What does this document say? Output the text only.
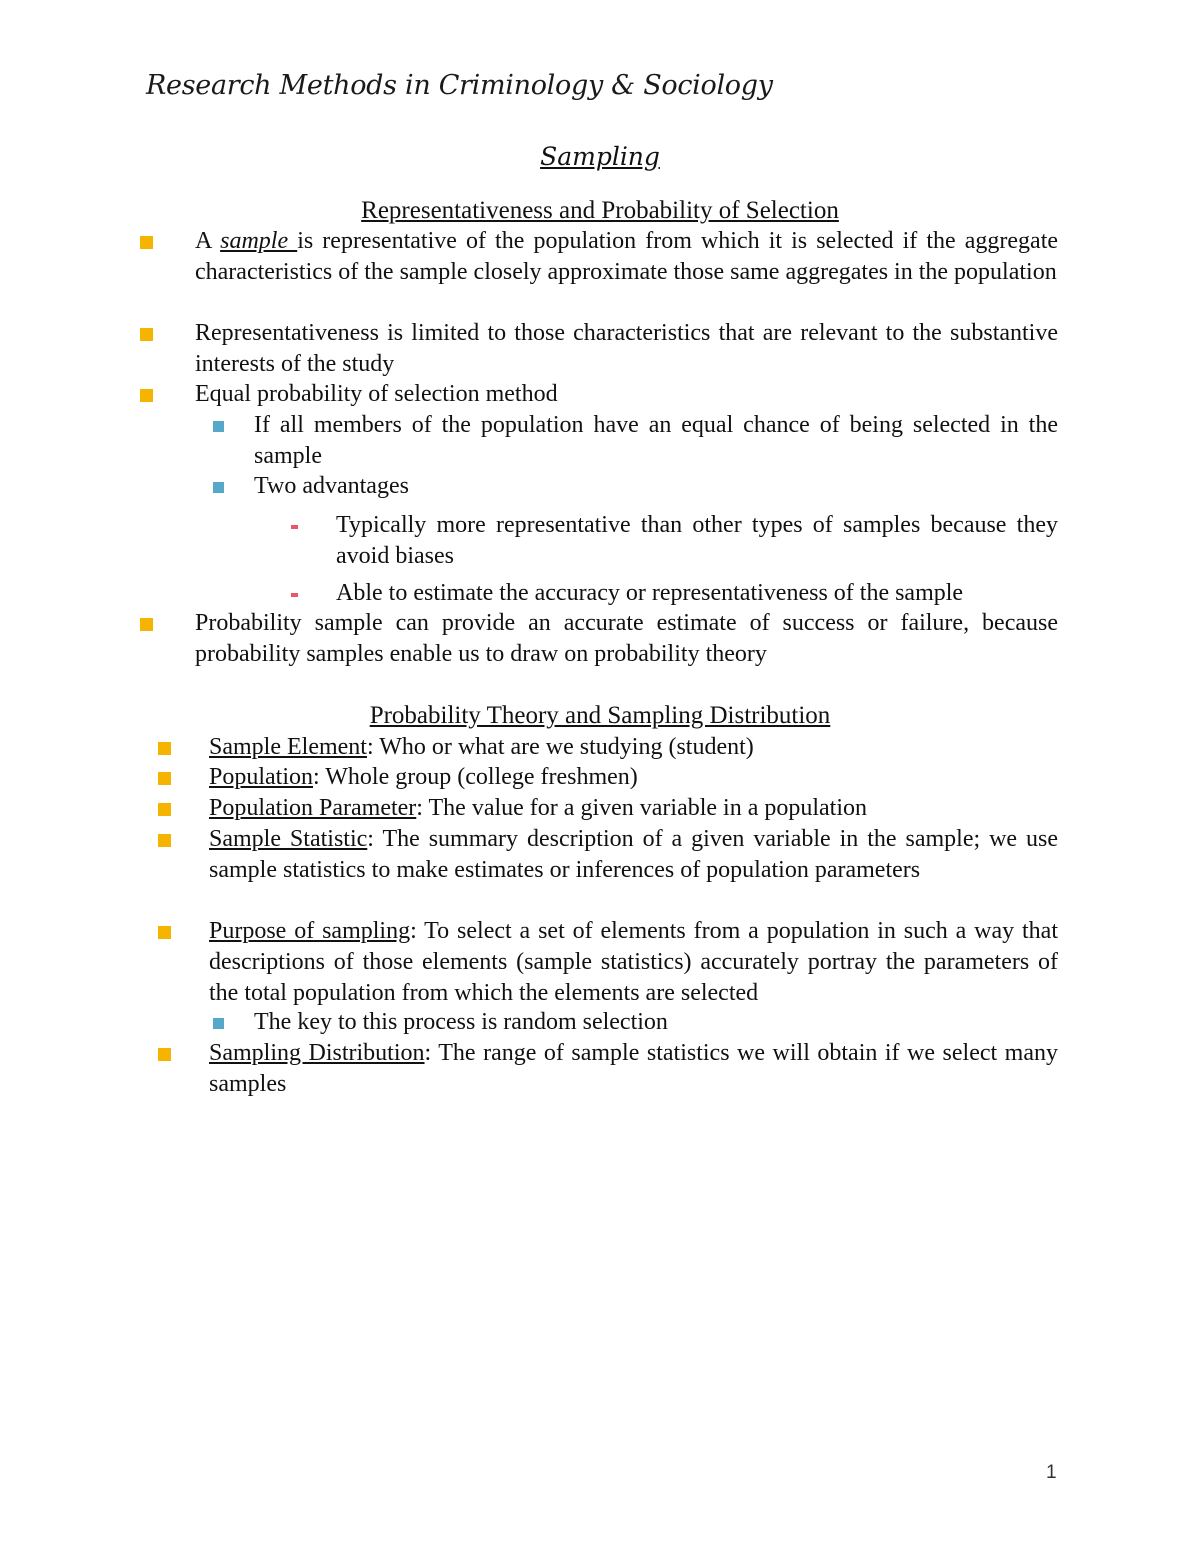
Research Methods in Criminology & Sociology
Sampling
Representativeness and Probability of Selection
A sample is representative of the population from which it is selected if the aggregate characteristics of the sample closely approximate those same aggregates in the population
Representativeness is limited to those characteristics that are relevant to the substantive interests of the study
Equal probability of selection method
If all members of the population have an equal chance of being selected in the sample
Two advantages
Typically more representative than other types of samples because they avoid biases
Able to estimate the accuracy or representativeness of the sample
Probability sample can provide an accurate estimate of success or failure, because probability samples enable us to draw on probability theory
Probability Theory and Sampling Distribution
Sample Element: Who or what are we studying (student)
Population: Whole group (college freshmen)
Population Parameter: The value for a given variable in a population
Sample Statistic: The summary description of a given variable in the sample; we use sample statistics to make estimates or inferences of population parameters
Purpose of sampling: To select a set of elements from a population in such a way that descriptions of those elements (sample statistics) accurately portray the parameters of the total population from which the elements are selected
The key to this process is random selection
Sampling Distribution: The range of sample statistics we will obtain if we select many samples
1
